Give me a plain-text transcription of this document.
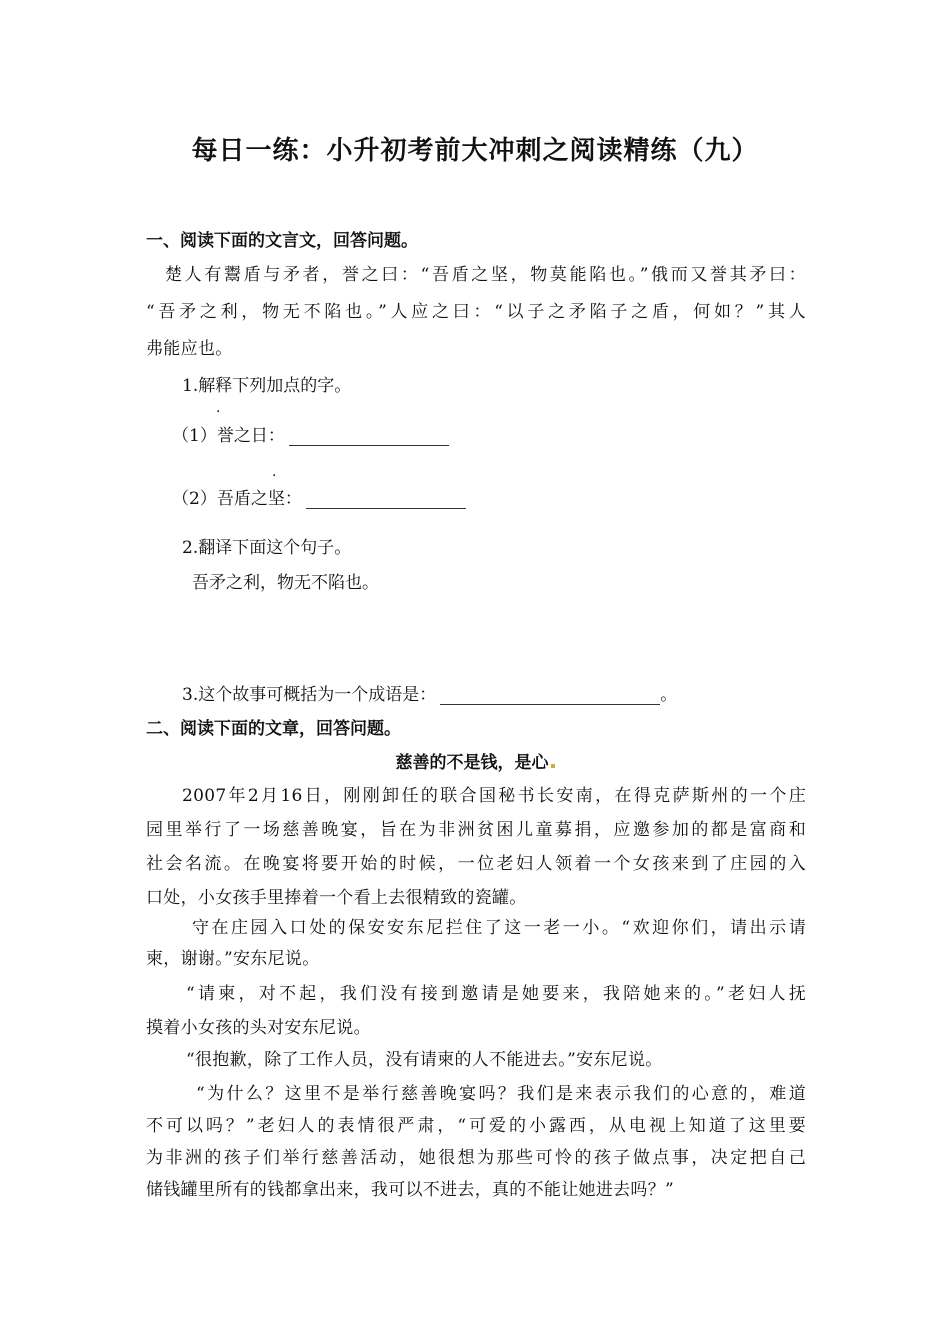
每日一练：小升初考前大冲刺之阅读精练（九）
一、阅读下面的文言文，回答问题。
楚人有鬻盾与矛者，誉之曰：“吾盾之坚，物莫能陷也。”俄而又誉其矛曰：
“吾矛之利，物无不陷也。”人应之曰：“以子之矛陷子之盾，何如？”其人
弗能应也。
1.解释下列加点的字。
·
（1）誉之日：
·
（2）吾盾之坚：
2.翻译下面这个句子。
吾矛之利，物无不陷也。
3.这个故事可概括为一个成语是：	。
二、阅读下面的文章，回答问题。
慈善的不是钱，是心
2007年2月16日，刚刚卸任的联合国秘书长安南，在得克萨斯州的一个庄
园里举行了一场慈善晚宴，旨在为非洲贫困儿童募捐，应邀参加的都是富商和
社会名流。在晚宴将要开始的时候，一位老妇人领着一个女孩来到了庄园的入
口处，小女孩手里捧着一个看上去很精致的瓷罐。
守在庄园入口处的保安安东尼拦住了这一老一小。“欢迎你们，请出示请
柬，谢谢。”安东尼说。
“请柬，对不起，我们没有接到邀请是她要来，我陪她来的。”老妇人抚
摸着小女孩的头对安东尼说。
“很抱歉，除了工作人员，没有请柬的人不能进去。”安东尼说。
“为什么？这里不是举行慈善晚宴吗？我们是来表示我们的心意的，难道
不可以吗？”老妇人的表情很严肃，“可爱的小露西，从电视上知道了这里要
为非洲的孩子们举行慈善活动，她很想为那些可怜的孩子做点事，决定把自己
储钱罐里所有的钱都拿出来，我可以不进去，真的不能让她进去吗？”
